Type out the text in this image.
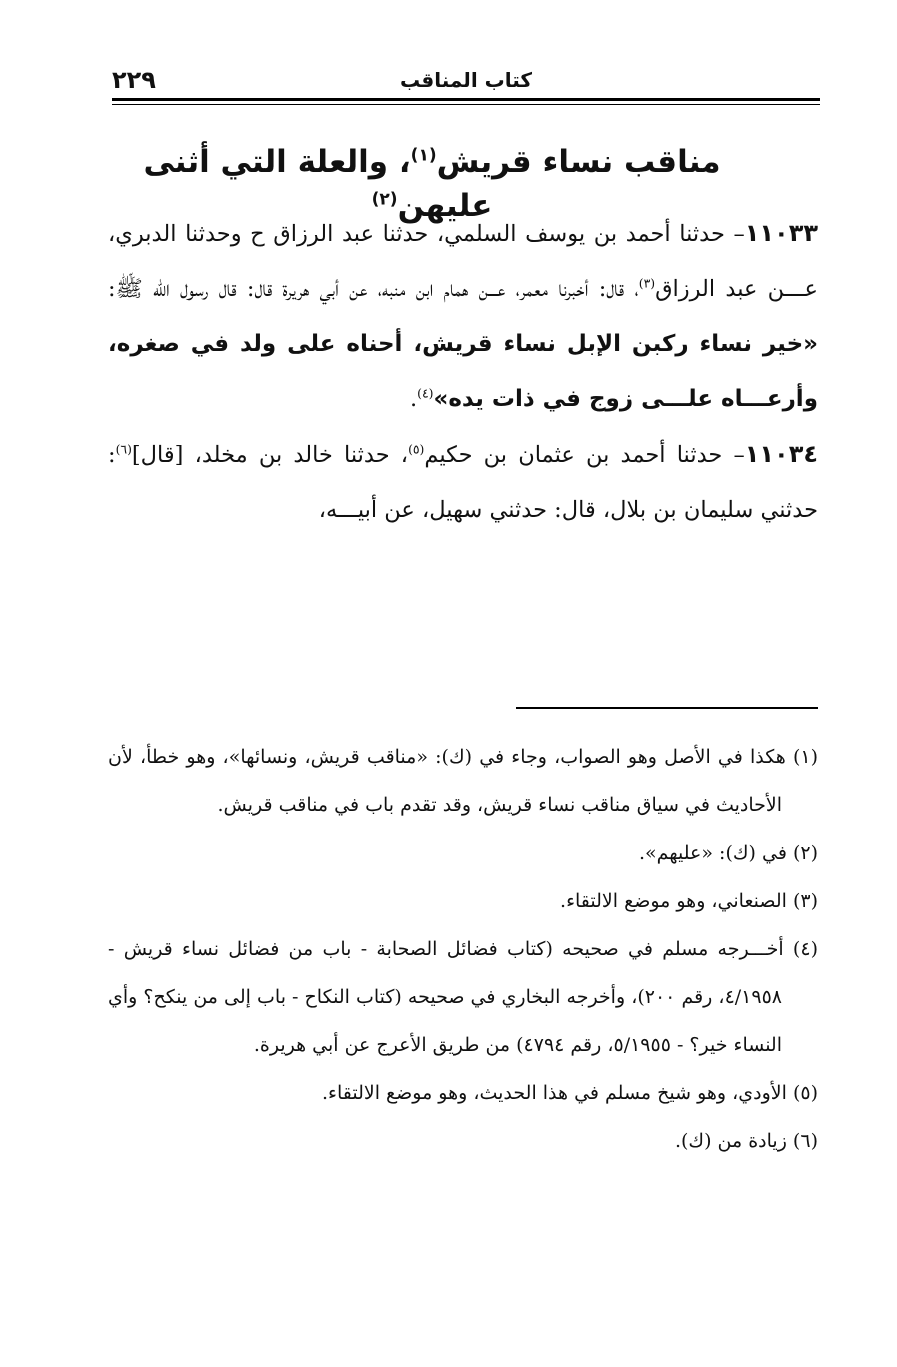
كتاب المناقب
٢٢٩
مناقب نساء قريش$^{(١)}$، والعلة التي أثنى عليهن$^{(٢)}$

١١٠٣٣– حدثنا أحمد بن يوسف السلمي، حدثنا عبد الرزاق ح وحدثنا الدبري، عـــن عبد الرزاق$^{(٣)}$، قال: أخبرنا معمر، عـــن همام ابن منبه، عن أبي هريرة قال: قال رسول الله ﷺ: «خير نساء ركبن الإبل نساء قريش، أحناه على ولد في صغره، وأرعـــاه علـــى زوج في ذات يده»$^{(٤)}$.

١١٠٣٤– حدثنا أحمد بن عثمان بن حكيم$^{(٥)}$، حدثنا خالد بن مخلد، [قال]$^{(٦)}$: حدثني سليمان بن بلال، قال: حدثني سهيل، عن أبيـــه،

(١) هكذا في الأصل وهو الصواب، وجاء في (ك): «مناقب قريش، ونسائها»، وهو خطأ، لأن الأحاديث في سياق مناقب نساء قريش، وقد تقدم باب في مناقب قريش.

(٢) في (ك): «عليهم».

(٣) الصنعاني، وهو موضع الالتقاء.

(٤) أخـــرجه مسلم في صحيحه (كتاب فضائل الصحابة - باب من فضائل نساء قريش - ٤/١٩٥٨، رقم ٢٠٠)، وأخرجه البخاري في صحيحه (كتاب النكاح - باب إلى من ينكح؟ وأي النساء خير؟ - ٥/١٩٥٥، رقم ٤٧٩٤) من طريق الأعرج عن أبي هريرة.

(٥) الأودي، وهو شيخ مسلم في هذا الحديث، وهو موضع الالتقاء.

(٦) زيادة من (ك).
